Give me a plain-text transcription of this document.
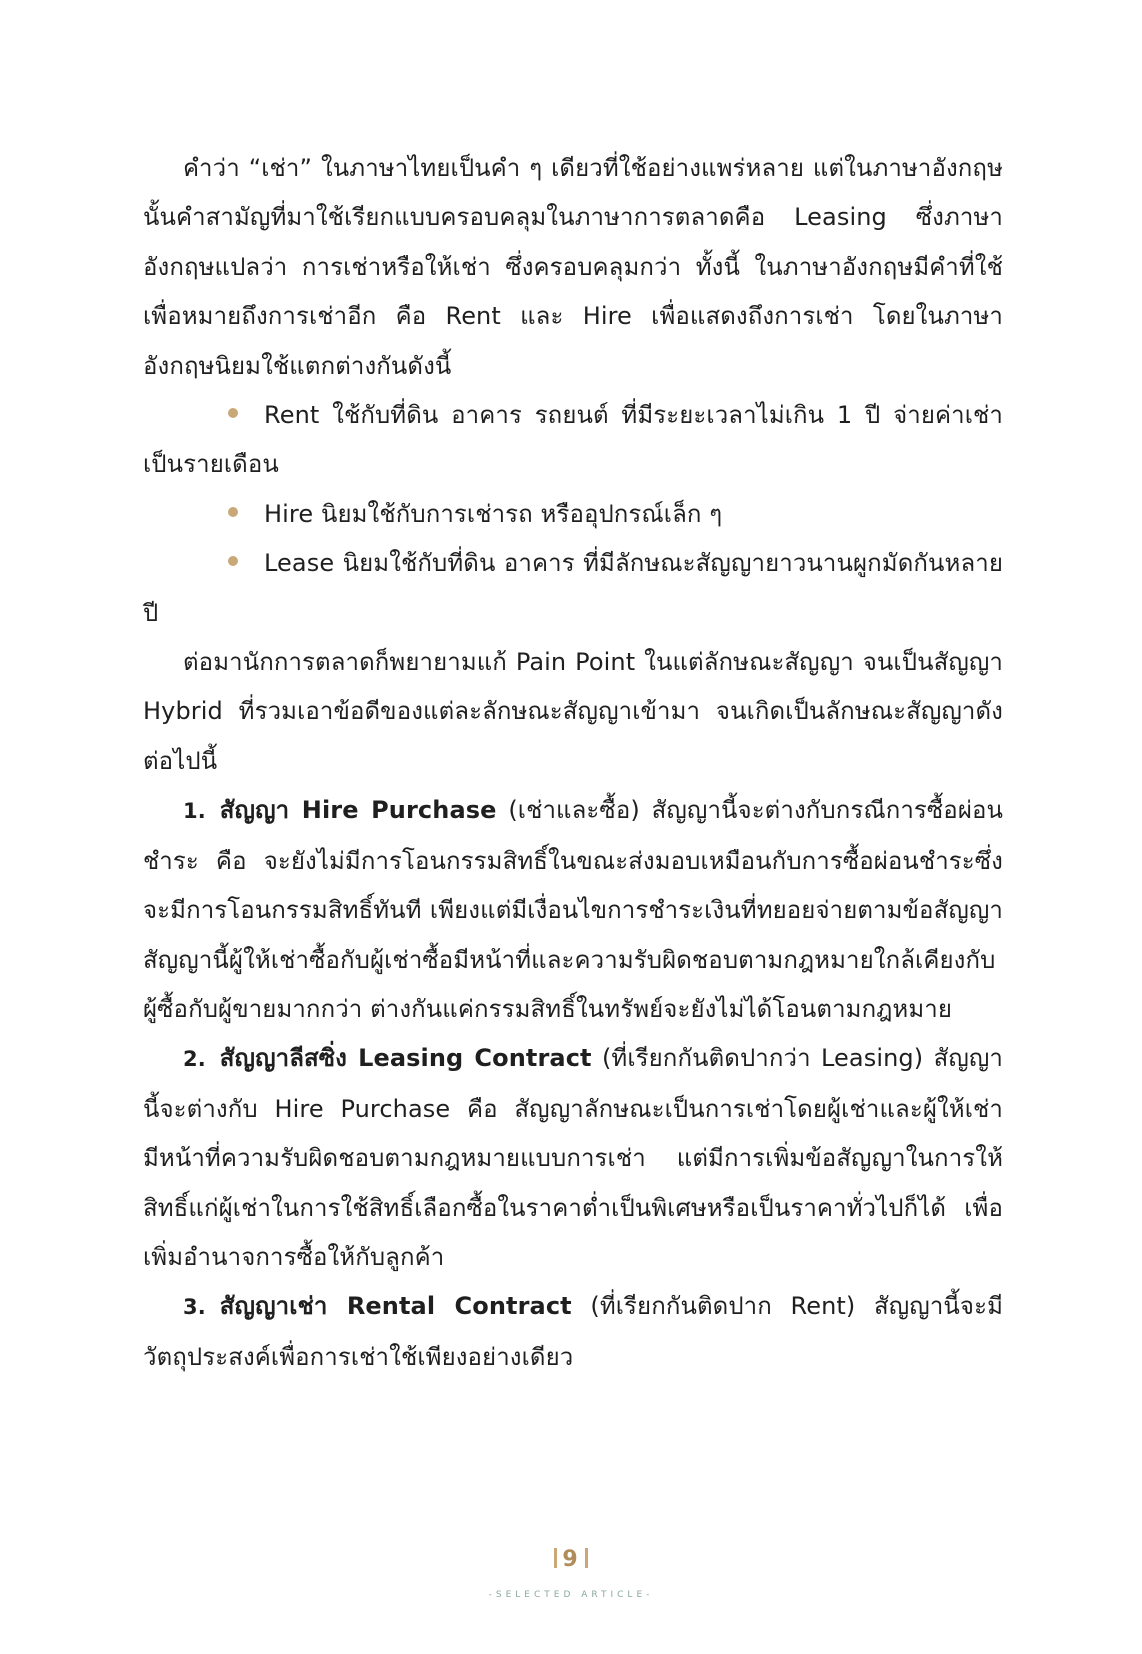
คำว่า “เช่า” ในภาษาไทยเป็นคำ ๆ เดียวที่ใช้อย่างแพร่หลาย แต่ในภาษาอังกฤษนั้นคำสามัญที่มาใช้เรียกแบบครอบคลุมในภาษาการตลาดคือ Leasing ซึ่งภาษาอังกฤษแปลว่า การเช่าหรือให้เช่า ซึ่งครอบคลุมกว่า ทั้งนี้ ในภาษาอังกฤษมีคำที่ใช้เพื่อหมายถึงการเช่าอีก คือ Rent และ Hire เพื่อแสดงถึงการเช่า โดยในภาษาอังกฤษนิยมใช้แตกต่างกันดังนี้

Rent ใช้กับที่ดิน อาคาร รถยนต์ ที่มีระยะเวลาไม่เกิน 1 ปี จ่ายค่าเช่าเป็นรายเดือน

Hire นิยมใช้กับการเช่ารถ หรืออุปกรณ์เล็ก ๆ

Lease นิยมใช้กับที่ดิน อาคาร ที่มีลักษณะสัญญายาวนานผูกมัดกันหลายปี

ต่อมานักการตลาดก็พยายามแก้ Pain Point ในแต่ลักษณะสัญญา จนเป็นสัญญา Hybrid ที่รวมเอาข้อดีของแต่ละลักษณะสัญญาเข้ามา จนเกิดเป็นลักษณะสัญญาดังต่อไปนี้

1. สัญญา Hire Purchase (เช่าและซื้อ) สัญญานี้จะต่างกับกรณีการซื้อผ่อนชำระ คือ จะยังไม่มีการโอนกรรมสิทธิ์ในขณะส่งมอบเหมือนกับการซื้อผ่อนชำระซึ่งจะมีการโอนกรรมสิทธิ์ทันที เพียงแต่มีเงื่อนไขการชำระเงินที่ทยอยจ่ายตามข้อสัญญา สัญญานี้ผู้ให้เช่าซื้อกับผู้เช่าซื้อมีหน้าที่และความรับผิดชอบตามกฎหมายใกล้เคียงกับผู้ซื้อกับผู้ขายมากกว่า ต่างกันแค่กรรมสิทธิ์ในทรัพย์จะยังไม่ได้โอนตามกฎหมาย

2. สัญญาลีสซิ่ง Leasing Contract (ที่เรียกกันติดปากว่า Leasing) สัญญานี้จะต่างกับ Hire Purchase คือ สัญญาลักษณะเป็นการเช่าโดยผู้เช่าและผู้ให้เช่ามีหน้าที่ความรับผิดชอบตามกฎหมายแบบการเช่า แต่มีการเพิ่มข้อสัญญาในการให้สิทธิ์แก่ผู้เช่าในการใช้สิทธิ์เลือกซื้อในราคาต่ำเป็นพิเศษหรือเป็นราคาทั่วไปก็ได้ เพื่อเพิ่มอำนาจการซื้อให้กับลูกค้า

3. สัญญาเช่า Rental Contract (ที่เรียกกันติดปาก Rent) สัญญานี้จะมีวัตถุประสงค์เพื่อการเช่าใช้เพียงอย่างเดียว

9
-SELECTED ARTICLE-
